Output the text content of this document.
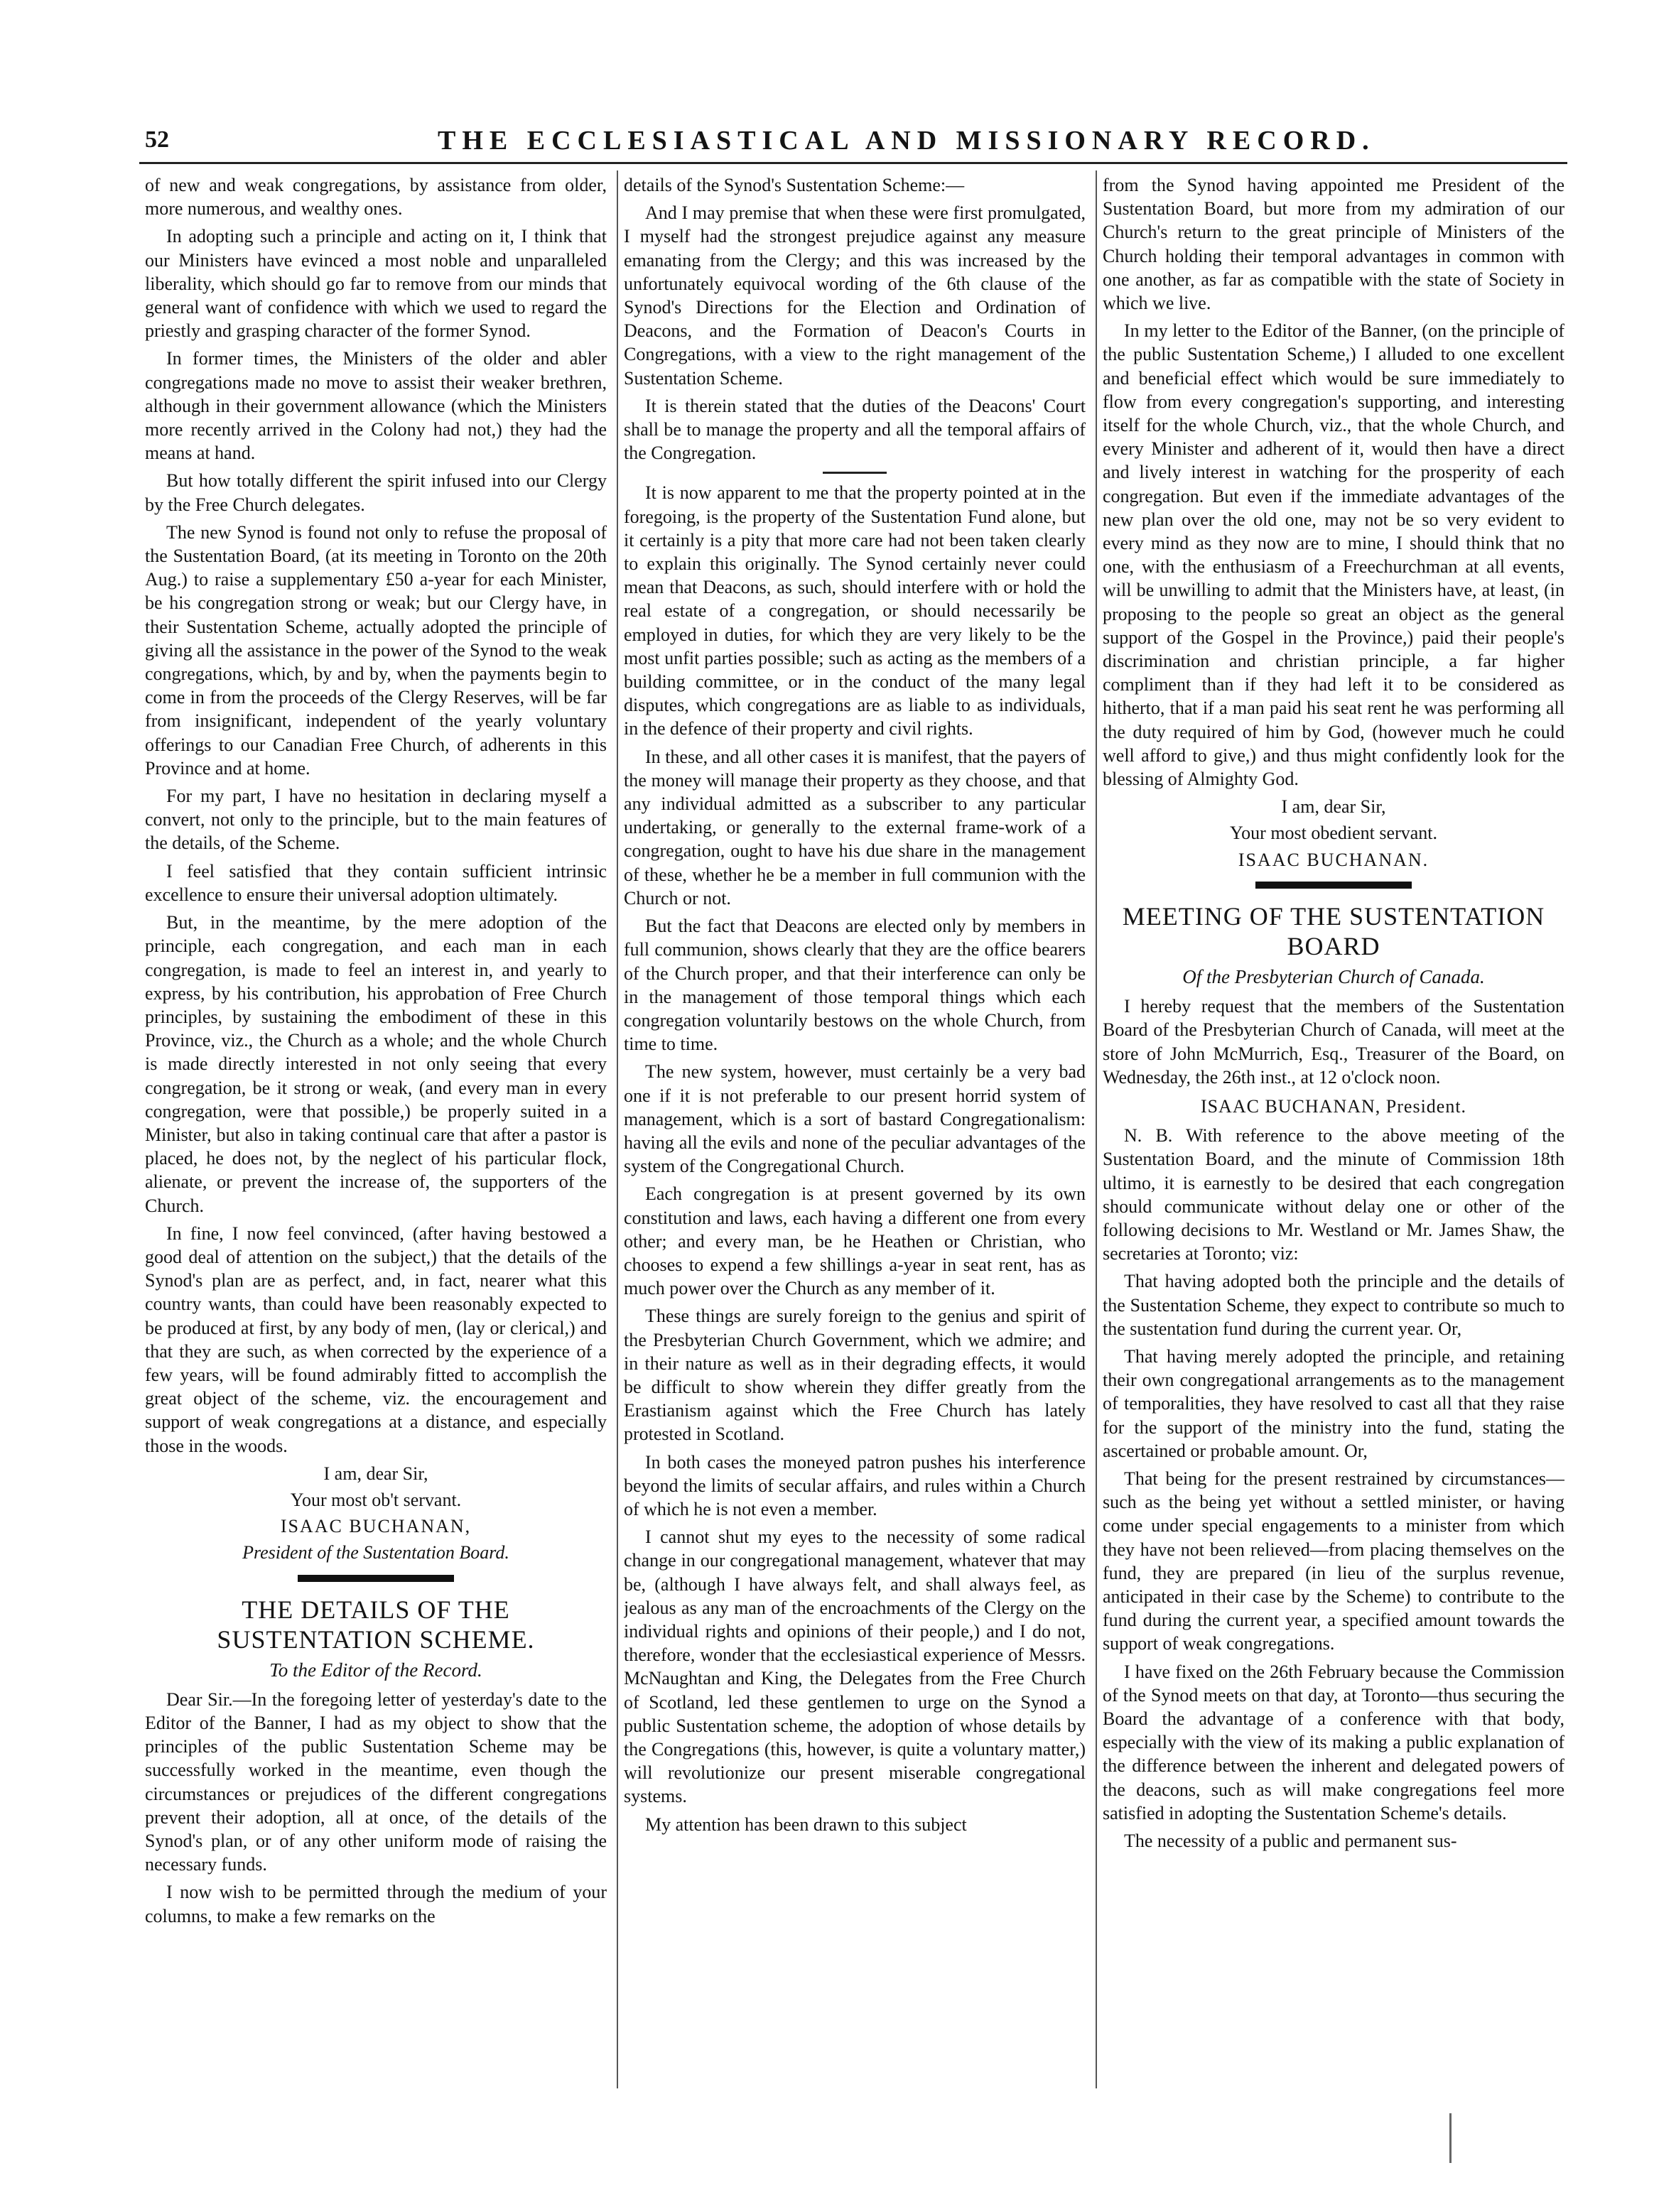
52	THE ECCLESIASTICAL AND MISSIONARY RECORD.

of new and weak congregations, by assistance from older, more numerous, and wealthy ones.

In adopting such a principle and acting on it, I think that our Ministers have evinced a most noble and unparalleled liberality, which should go far to remove from our minds that general want of confidence with which we used to regard the priestly and grasping character of the former Synod.

In former times, the Ministers of the older and abler congregations made no move to assist their weaker brethren, although in their government allowance (which the Ministers more recently arrived in the Colony had not,) they had the means at hand.

But how totally different the spirit infused into our Clergy by the Free Church delegates.

The new Synod is found not only to refuse the proposal of the Sustentation Board, (at its meeting in Toronto on the 20th Aug.) to raise a supplementary £50 a-year for each Minister, be his congregation strong or weak; but our Clergy have, in their Sustentation Scheme, actually adopted the principle of giving all the assistance in the power of the Synod to the weak congregations, which, by and by, when the payments begin to come in from the proceeds of the Clergy Reserves, will be far from insignificant, independent of the yearly voluntary offerings to our Canadian Free Church, of adherents in this Province and at home.

For my part, I have no hesitation in declaring myself a convert, not only to the principle, but to the main features of the details, of the Scheme.

I feel satisfied that they contain sufficient intrinsic excellence to ensure their universal adoption ultimately.

But, in the meantime, by the mere adoption of the principle, each congregation, and each man in each congregation, is made to feel an interest in, and yearly to express, by his contribution, his approbation of Free Church principles, by sustaining the embodiment of these in this Province, viz., the Church as a whole; and the whole Church is made directly interested in not only seeing that every congregation, be it strong or weak, (and every man in every congregation, were that possible,) be properly suited in a Minister, but also in taking continual care that after a pastor is placed, he does not, by the neglect of his particular flock, alienate, or prevent the increase of, the supporters of the Church.

In fine, I now feel convinced, (after having bestowed a good deal of attention on the subject,) that the details of the Synod's plan are as perfect, and, in fact, nearer what this country wants, than could have been reasonably expected to be produced at first, by any body of men, (lay or clerical,) and that they are such, as when corrected by the experience of a few years, will be found admirably fitted to accomplish the great object of the scheme, viz. the encouragement and support of weak congregations at a distance, and especially those in the woods.

I am, dear Sir,
Your most ob't servant.
ISAAC BUCHANAN,
President of the Sustentation Board.
THE DETAILS OF THE SUSTENTATION SCHEME.
To the Editor of the Record.

Dear Sir.—In the foregoing letter of yesterday's date to the Editor of the Banner, I had as my object to show that the principles of the public Sustentation Scheme may be successfully worked in the meantime, even though the circumstances or prejudices of the different congregations prevent their adoption, all at once, of the details of the Synod's plan, or of any other uniform mode of raising the necessary funds.

I now wish to be permitted through the medium of your columns, to make a few remarks on the

details of the Synod's Sustentation Scheme:—

And I may premise that when these were first promulgated, I myself had the strongest prejudice against any measure emanating from the Clergy; and this was increased by the unfortunately equivocal wording of the 6th clause of the Synod's Directions for the Election and Ordination of Deacons, and the Formation of Deacon's Courts in Congregations, with a view to the right management of the Sustentation Scheme.

It is therein stated that the duties of the Deacons' Court shall be to manage the property and all the temporal affairs of the Congregation.

It is now apparent to me that the property pointed at in the foregoing, is the property of the Sustentation Fund alone, but it certainly is a pity that more care had not been taken clearly to explain this originally. The Synod certainly never could mean that Deacons, as such, should interfere with or hold the real estate of a congregation, or should necessarily be employed in duties, for which they are very likely to be the most unfit parties possible; such as acting as the members of a building committee, or in the conduct of the many legal disputes, which congregations are as liable to as individuals, in the defence of their property and civil rights.

In these, and all other cases it is manifest, that the payers of the money will manage their property as they choose, and that any individual admitted as a subscriber to any particular undertaking, or generally to the external frame-work of a congregation, ought to have his due share in the management of these, whether he be a member in full communion with the Church or not.

But the fact that Deacons are elected only by members in full communion, shows clearly that they are the office bearers of the Church proper, and that their interference can only be in the management of those temporal things which each congregation voluntarily bestows on the whole Church, from time to time.

The new system, however, must certainly be a very bad one if it is not preferable to our present horrid system of management, which is a sort of bastard Congregationalism: having all the evils and none of the peculiar advantages of the system of the Congregational Church.

Each congregation is at present governed by its own constitution and laws, each having a different one from every other; and every man, be he Heathen or Christian, who chooses to expend a few shillings a-year in seat rent, has as much power over the Church as any member of it.

These things are surely foreign to the genius and spirit of the Presbyterian Church Government, which we admire; and in their nature as well as in their degrading effects, it would be difficult to show wherein they differ greatly from the Erastianism against which the Free Church has lately protested in Scotland.

In both cases the moneyed patron pushes his interference beyond the limits of secular affairs, and rules within a Church of which he is not even a member.

I cannot shut my eyes to the necessity of some radical change in our congregational management, whatever that may be, (although I have always felt, and shall always feel, as jealous as any man of the encroachments of the Clergy on the individual rights and opinions of their people,) and I do not, therefore, wonder that the ecclesiastical experience of Messrs. McNaughtan and King, the Delegates from the Free Church of Scotland, led these gentlemen to urge on the Synod a public Sustentation scheme, the adoption of whose details by the Congregations (this, however, is quite a voluntary matter,) will revolutionize our present miserable congregational systems.

My attention has been drawn to this subject

from the Synod having appointed me President of the Sustentation Board, but more from my admiration of our Church's return to the great principle of Ministers of the Church holding their temporal advantages in common with one another, as far as compatible with the state of Society in which we live.

In my letter to the Editor of the Banner, (on the principle of the public Sustentation Scheme,) I alluded to one excellent and beneficial effect which would be sure immediately to flow from every congregation's supporting, and interesting itself for the whole Church, viz., that the whole Church, and every Minister and adherent of it, would then have a direct and lively interest in watching for the prosperity of each congregation. But even if the immediate advantages of the new plan over the old one, may not be so very evident to every mind as they now are to mine, I should think that no one, with the enthusiasm of a Freechurchman at all events, will be unwilling to admit that the Ministers have, at least, (in proposing to the people so great an object as the general support of the Gospel in the Province,) paid their people's discrimination and christian principle, a far higher compliment than if they had left it to be considered as hitherto, that if a man paid his seat rent he was performing all the duty required of him by God, (however much he could well afford to give,) and thus might confidently look for the blessing of Almighty God.

I am, dear Sir,
Your most obedient servant.
ISAAC BUCHANAN.
MEETING OF THE SUSTENTATION BOARD
Of the Presbyterian Church of Canada.

I hereby request that the members of the Sustentation Board of the Presbyterian Church of Canada, will meet at the store of John McMurrich, Esq., Treasurer of the Board, on Wednesday, the 26th inst., at 12 o'clock noon.

ISAAC BUCHANAN, President.

N. B. With reference to the above meeting of the Sustentation Board, and the minute of Commission 18th ultimo, it is earnestly to be desired that each congregation should communicate without delay one or other of the following decisions to Mr. Westland or Mr. James Shaw, the secretaries at Toronto; viz:

That having adopted both the principle and the details of the Sustentation Scheme, they expect to contribute so much to the sustentation fund during the current year. Or,

That having merely adopted the principle, and retaining their own congregational arrangements as to the management of temporalities, they have resolved to cast all that they raise for the support of the ministry into the fund, stating the ascertained or probable amount. Or,

That being for the present restrained by circumstances—such as the being yet without a settled minister, or having come under special engagements to a minister from which they have not been relieved—from placing themselves on the fund, they are prepared (in lieu of the surplus revenue, anticipated in their case by the Scheme) to contribute to the fund during the current year, a specified amount towards the support of weak congregations.

I have fixed on the 26th February because the Commission of the Synod meets on that day, at Toronto—thus securing the Board the advantage of a conference with that body, especially with the view of its making a public explanation of the difference between the inherent and delegated powers of the deacons, such as will make congregations feel more satisfied in adopting the Sustentation Scheme's details.

The necessity of a public and permanent sus-
